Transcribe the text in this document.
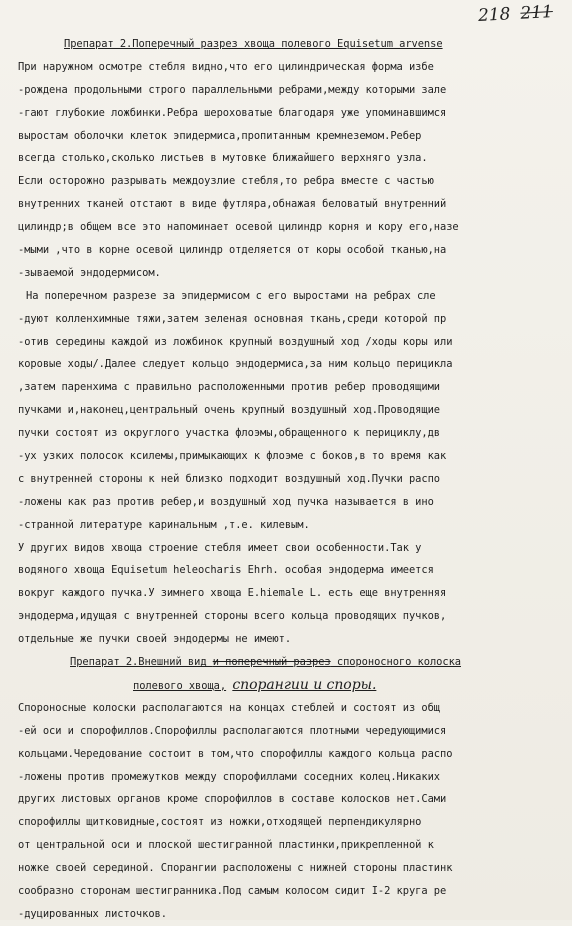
218 211
Препарат 2.Поперечный разрез хвоща полевого Equisetum arvense
При наружном осмотре стебля видно,что его цилиндрическая форма избе
-рождена продольными строго параллельными ребрами,между которыми зале
-гают глубокие ложбинки.Ребра шероховатые благодаря уже упоминавшимся
выростам оболочки клеток эпидермиса,пропитанным кремнеземом.Ребер
всегда столько,сколько листьев в мутовке ближайшего верхняго узла.
Если осторожно разрывать междоузлие стебля,то ребра вместе с частью
внутренних тканей отстают в виде футляра,обнажая беловатый внутренний
цилиндр;в общем все это напоминает осевой цилиндр корня и кору его,назе
-мыми ,что в корне осевой цилиндр отделяется от коры особой тканью,на
-зываемой эндодермисом.
На поперечном разрезе за эпидермисом с его выростами на ребрах сле
-дуют колленхимные тяжи,затем зеленая основная ткань,среди которой пр
-отив середины каждой из ложбинок крупный воздушный ход /ходы коры или
коровые ходы/.Далее следует кольцо эндодермиса,за ним кольцо перицикла
,затем паренхима с правильно расположенными против ребер проводящими
пучками и,наконец,центральный очень крупный воздушный ход.Проводящие
пучки состоят из округлого участка флоэмы,обращенного к перициклу,дв
-ух узких полосок ксилемы,примыкающих к флоэме с боков,в то время как
с внутренней стороны к ней близко подходит воздушный ход.Пучки распо
-ложены как раз против ребер,и воздушный ход пучка называется в ино
-странной литературе каринальным ,т.е. килевым.
У других видов хвоща строение стебля имеет свои особенности.Так у
водяного хвоща Equisetum heleocharis Ehrh. особая эндодерма имеется
вокруг каждого пучка.У зимнего хвоща E.hiemale L. есть еще внутренняя
эндодерма,идущая с внутренней стороны всего кольца проводящих пучков,
отдельные же пучки своей эндодермы не имеют.
Препарат 2.Внешний вид и поперечный разрез спороносного колоска
полевого хвоща, спорангии и споры.
Спороносные колоски располагаются на концах стеблей и состоят из общ
-ей оси и спорофиллов.Спорофиллы располагаются плотными чередующимися
кольцами.Чередование состоит в том,что спорофиллы каждого кольца распо
-ложены против промежутков между спорофиллами соседних колец.Никаких
других листовых органов кроме спорофиллов в составе колосков нет.Сами
спорофиллы щитковидные,состоят из ножки,отходящей перпендикулярно
от центральной оси и плоской шестигранной пластинки,прикрепленной к
ножке своей серединой. Спорангии расположены с нижней стороны пластинк
сообразно сторонам шестигранника.Под самым колосом сидит I-2 круга ре
-дуцированных листочков.
